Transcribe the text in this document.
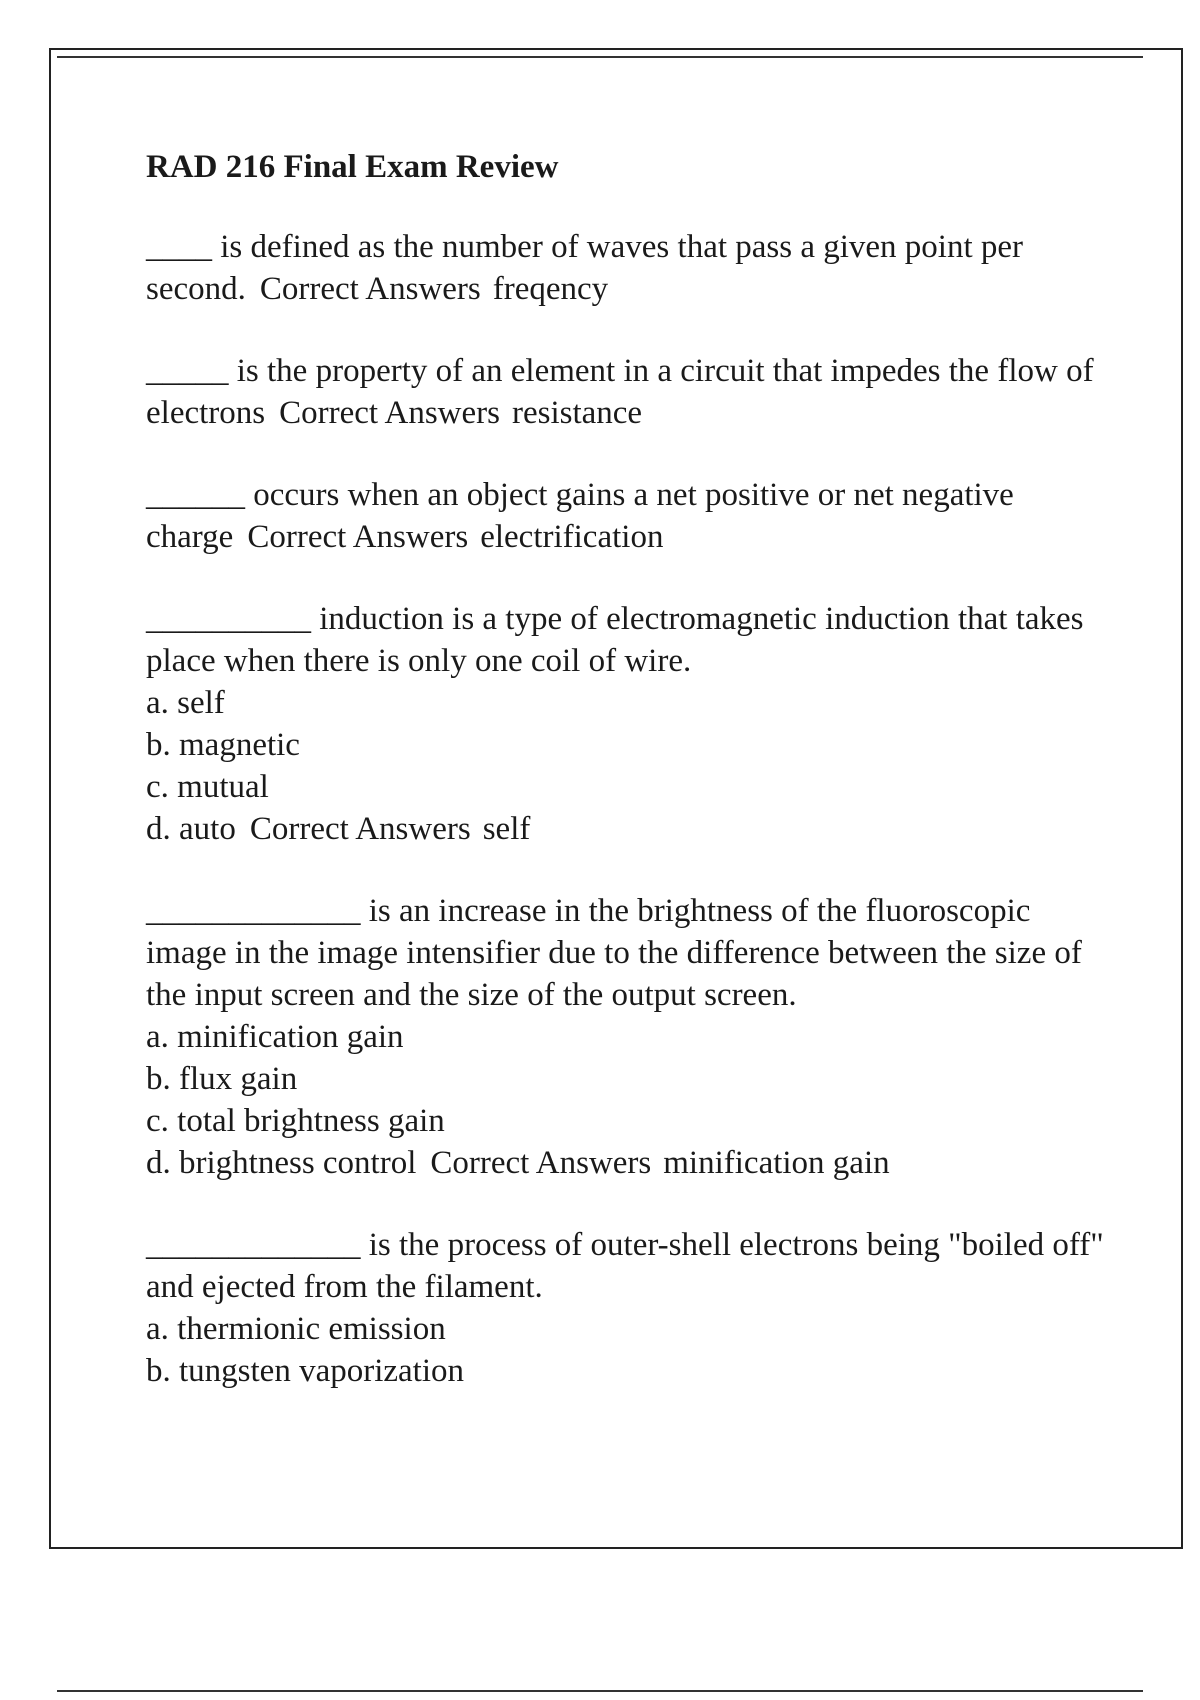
RAD 216 Final Exam Review

____ is defined as the number of waves that pass a given point per second. Correct Answers freqency

_____ is the property of an element in a circuit that impedes the flow of electrons Correct Answers resistance

______ occurs when an object gains a net positive or net negative charge Correct Answers electrification

__________ induction is a type of electromagnetic induction that takes place when there is only one coil of wire.

a. self
b. magnetic
c. mutual
d. auto Correct Answers self

_____________ is an increase in the brightness of the fluoroscopic image in the image intensifier due to the difference between the size of the input screen and the size of the output screen.

a. minification gain
b. flux gain
c. total brightness gain
d. brightness control Correct Answers minification gain

_____________ is the process of outer-shell electrons being "boiled off" and ejected from the filament.

a. thermionic emission
b. tungsten vaporization
